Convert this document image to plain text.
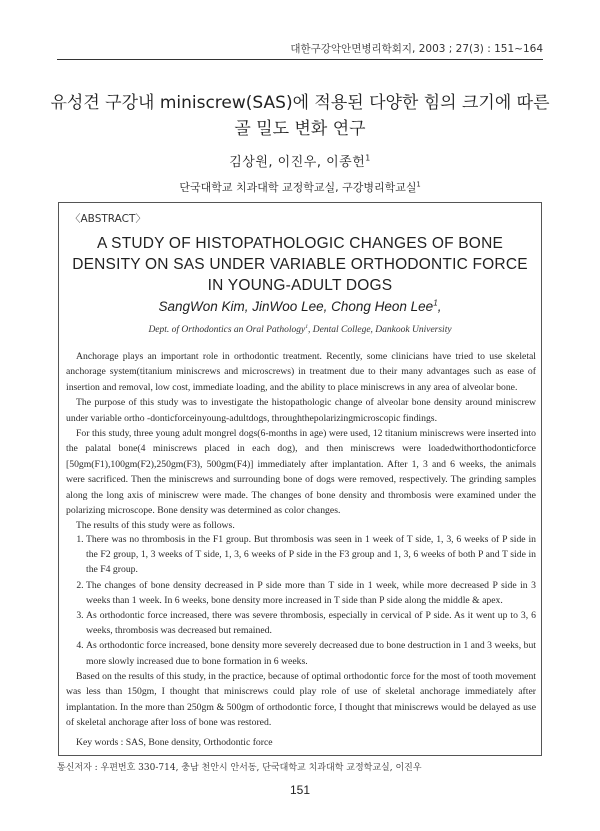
대한구강악안면병리학회지, 2003 ; 27(3) : 151~164
유성견 구강내 miniscrew(SAS)에 적용된 다양한 힘의 크기에 따른
골 밀도 변화 연구
김상원, 이진우, 이종헌$^1$
단국대학교 치과대학 교정학교실, 구강병리학교실$^1$
〈ABSTRACT〉
A STUDY OF HISTOPATHOLOGIC CHANGES OF BONE
DENSITY ON SAS UNDER VARIABLE ORTHODONTIC FORCE
IN YOUNG-ADULT DOGS
SangWon Kim, JinWoo Lee, Chong Heon Lee$^1$,
Dept. of Orthodontics an Oral Pathology$^1$, Dental College, Dankook University

Anchorage plays an important role in orthodontic treatment. Recently, some clinicians have tried to use skeletal anchorage system(titanium miniscrews and microscrews) in treatment due to their many advantages such as ease of insertion and removal, low cost, immediate loading, and the ability to place miniscrews in any area of alveolar bone.

The purpose of this study was to investigate the histopathologic change of alveolar bone density around miniscrew under variable ortho -donticforceinyoung-adultdogs, throughthepolarizingmicroscopic findings.

For this study, three young adult mongrel dogs(6-months in age) were used, 12 titanium miniscrews were inserted into the palatal bone(4 miniscrews placed in each dog), and then miniscrews were loadedwithorthodonticforce [50gm(F1),100gm(F2),250gm(F3), 500gm(F4)] immediately after implantation. After 1, 3 and 6 weeks, the animals were sacrificed. Then the miniscrews and surrounding bone of dogs were removed, respectively. The grinding samples along the long axis of miniscrew were made. The changes of bone density and thrombosis were examined under the polarizing microscope. Bone density was determined as color changes.

The results of this study were as follows.

1. There was no thrombosis in the F1 group. But thrombosis was seen in 1 week of T side, 1, 3, 6 weeks of P side in the F2 group, 1, 3 weeks of T side, 1, 3, 6 weeks of P side in the F3 group and 1, 3, 6 weeks of both P and T side in the F4 group.
2. The changes of bone density decreased in P side more than T side in 1 week, while more decreased P side in 3 weeks than 1 week. In 6 weeks, bone density more increased in T side than P side along the middle & apex.
3. As orthodontic force increased, there was severe thrombosis, especially in cervical of P side. As it went up to 3, 6 weeks, thrombosis was decreased but remained.
4. As orthodontic force increased, bone density more severely decreased due to bone destruction in 1 and 3 weeks, but more slowly increased due to bone formation in 6 weeks.

Based on the results of this study, in the practice, because of optimal orthodontic force for the most of tooth movement was less than 150gm, I thought that miniscrews could play role of use of skeletal anchorage immediately after implantation. In the more than 250gm & 500gm of orthodontic force, I thought that miniscrews would be delayed as use of skeletal anchorage after loss of bone was restored.

Key words : SAS, Bone density, Orthodontic force
통신저자 : 우편번호 330-714, 충남 천안시 안서동, 단국대학교 치과대학 교정학교실, 이진우
151
